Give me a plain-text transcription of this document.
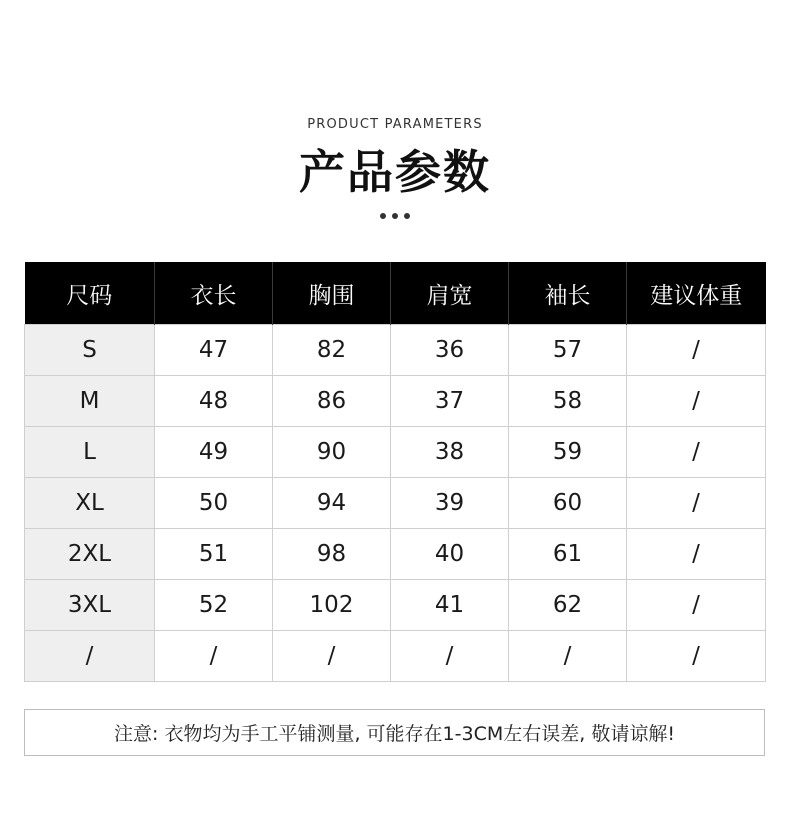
PRODUCT PARAMETERS
产品参数
尺码	衣长	胸围	肩宽	袖长	建议体重
S	47	82	36	57	/
M	48	86	37	58	/
L	49	90	38	59	/
XL	50	94	39	60	/
2XL	51	98	40	61	/
3XL	52	102	41	62	/
/	/	/	/	/	/
注意: 衣物均为手工平铺测量, 可能存在1-3CM左右误差, 敬请谅解!
